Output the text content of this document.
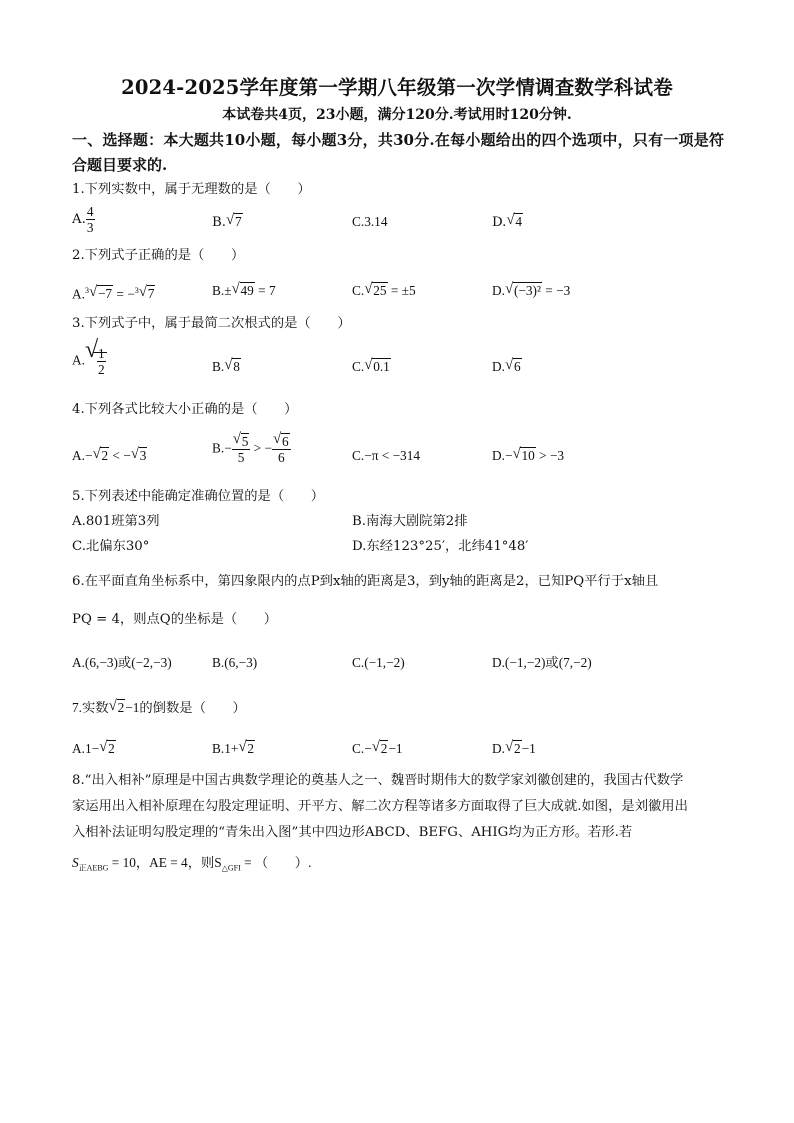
2024-2025学年度第一学期八年级第一次学情调查数学科试卷
本试卷共4页，23小题，满分120分.考试用时120分钟.
一、选择题：本大题共10小题，每小题3分，共30分.在每小题给出的四个选项中，只有一项是符合题目要求的.
1.下列实数中，属于无理数的是（　　）
A. $\frac{4}{3}$	B. √ 7	C.3.14	D. √ 4
2.下列式子正确的是（　　）
A.$^3$ √ −7 = −$^3$ √ 7	B.± √ 49 = 7	C. √ 25 = ±5	D. √ (−3)² = −3
3.下列式子中，属于最简二次根式的是（　　）
A. √
$\frac{1}{2}$	B. √ 8	C. √ 0.1	D. √ 6
4.下列各式比较大小正确的是（　　）
A.− √ 2 < − √ 3	$B.- \frac{√ 5}{5}$ > − $\frac{√ 6}{6}$	C.−π < −314	D.− √ 10 > −3
5.下列表述中能确定准确位置的是（　　）
A.801班第3列	B.南海大剧院第2排
C.北偏东30°	D.东经123°25′，北纬41°48′
6.在平面直角坐标系中，第四象限内的点P到x轴的距离是3，到y轴的距离是2，已知PQ平行于x轴且
PQ = 4，则点Q的坐标是（　　）
A.(6,−3)或(−2,−3)	B.(6,−3)	C.(−1,−2)	D.(−1,−2)或(7,−2)
7.实数 √ 2−1的倒数是（　　）
A.1− √ 2	B.1+ √ 2	C.− √ 2−1	D. √ 2−1
8.“出入相补”原理是中国古典数学理论的奠基人之一、魏晋时期伟大的数学家刘徽创建的，我国古代数学
家运用出入相补原理在勾股定理证明、开平方、解二次方程等诸多方面取得了巨大成就.如图，是刘徽用出
入相补法证明勾股定理的“青朱出入图”其中四边形ABCD、BEFG、AHIG均为正方形。若形.若
$S_{正AEBG} = 10$，AE = 4，则$S_{\triangle GFI}$ = （　　）.
